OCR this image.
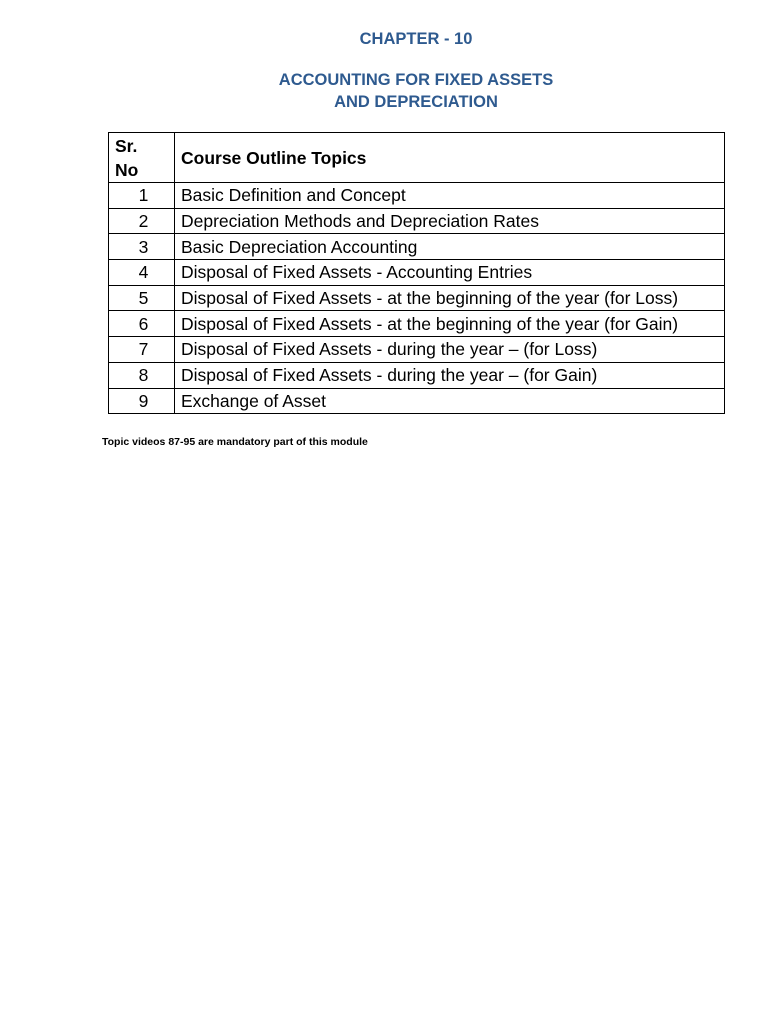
CHAPTER - 10
ACCOUNTING FOR FIXED ASSETS
AND DEPRECIATION
Sr.
No	Course Outline Topics
1	Basic Definition and Concept
2	Depreciation Methods and Depreciation Rates
3	Basic Depreciation Accounting
4	Disposal of Fixed Assets - Accounting Entries
5	Disposal of Fixed Assets - at the beginning of the year (for Loss)
6	Disposal of Fixed Assets - at the beginning of the year (for Gain)
7	Disposal of Fixed Assets - during the year – (for Loss)
8	Disposal of Fixed Assets - during the year – (for Gain)
9	Exchange of Asset
Topic videos 87-95 are mandatory part of this module
